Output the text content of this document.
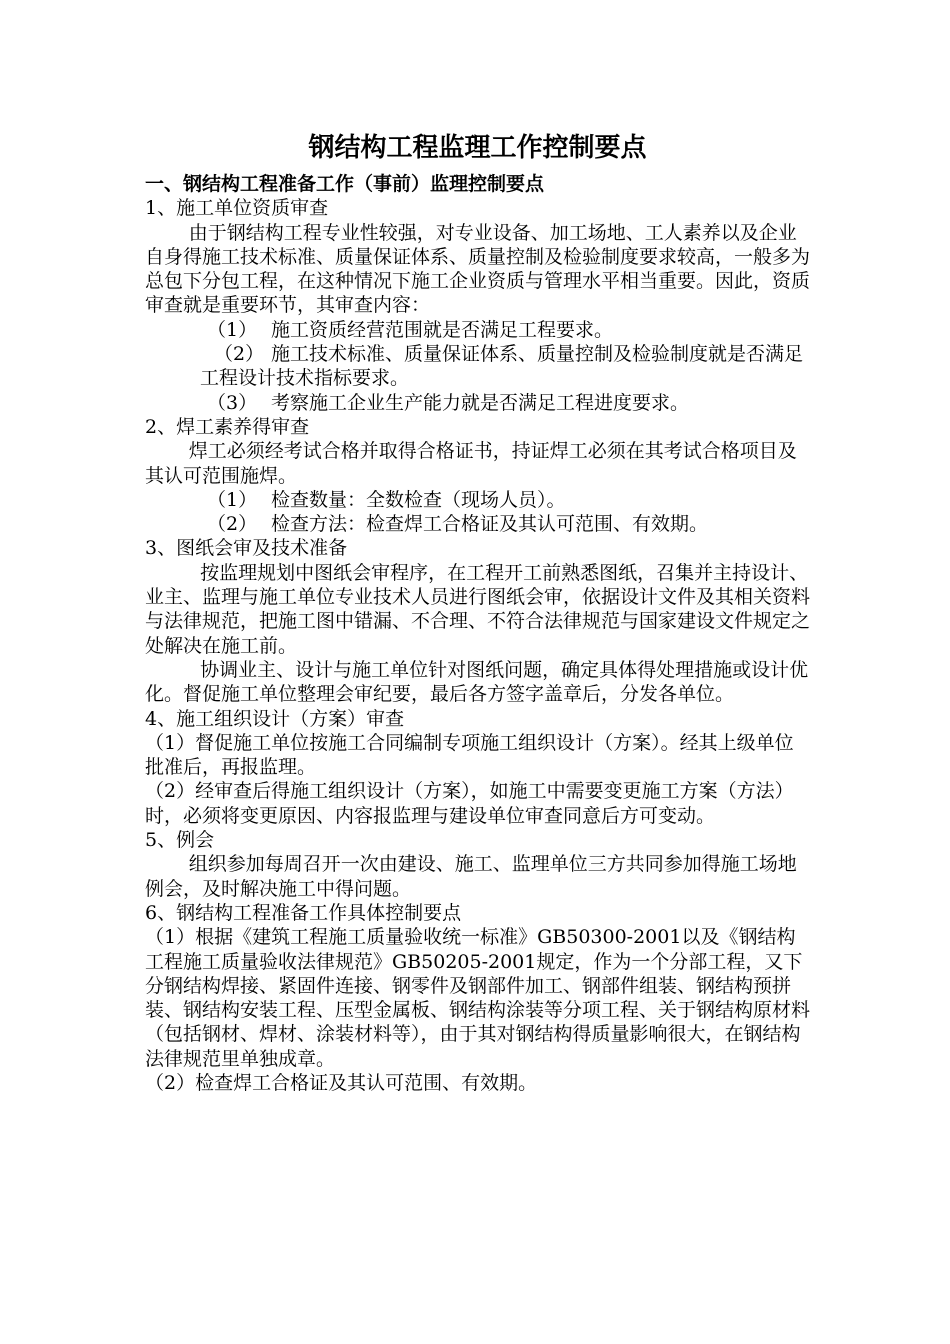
钢结构工程监理工作控制要点

一、钢结构工程准备工作（事前）监理控制要点

1、施工单位资质审查

由于钢结构工程专业性较强，对专业设备、加工场地、工人素养以及企业自身得施工技术标准、质量保证体系、质量控制及检验制度要求较高，一般多为总包下分包工程，在这种情况下施工企业资质与管理水平相当重要。因此，资质审查就是重要环节，其审查内容：

（1） 施工资质经营范围就是否满足工程要求。

（2） 施工技术标准、质量保证体系、质量控制及检验制度就是否满足工程设计技术指标要求。

（3） 考察施工企业生产能力就是否满足工程进度要求。

2、焊工素养得审查

焊工必须经考试合格并取得合格证书，持证焊工必须在其考试合格项目及其认可范围施焊。

（1） 检查数量：全数检查（现场人员）。

（2） 检查方法：检查焊工合格证及其认可范围、有效期。

3、图纸会审及技术准备

按监理规划中图纸会审程序，在工程开工前熟悉图纸，召集并主持设计、业主、监理与施工单位专业技术人员进行图纸会审，依据设计文件及其相关资料与法律规范，把施工图中错漏、不合理、不符合法律规范与国家建设文件规定之处解决在施工前。

协调业主、设计与施工单位针对图纸问题，确定具体得处理措施或设计优化。督促施工单位整理会审纪要，最后各方签字盖章后，分发各单位。

4、施工组织设计（方案）审查

（1）督促施工单位按施工合同编制专项施工组织设计（方案）。经其上级单位批准后，再报监理。

（2）经审查后得施工组织设计（方案），如施工中需要变更施工方案（方法）时，必须将变更原因、内容报监理与建设单位审查同意后方可变动。

5、例会

组织参加每周召开一次由建设、施工、监理单位三方共同参加得施工场地例会，及时解决施工中得问题。

6、钢结构工程准备工作具体控制要点

（1）根据《建筑工程施工质量验收统一标准》GB50300-2001以及《钢结构工程施工质量验收法律规范》GB50205-2001规定，作为一个分部工程，又下分钢结构焊接、紧固件连接、钢零件及钢部件加工、钢部件组装、钢结构预拼装、钢结构安装工程、压型金属板、钢结构涂装等分项工程、关于钢结构原材料（包括钢材、焊材、涂装材料等），由于其对钢结构得质量影响很大，在钢结构法律规范里单独成章。

（2）检查焊工合格证及其认可范围、有效期。
